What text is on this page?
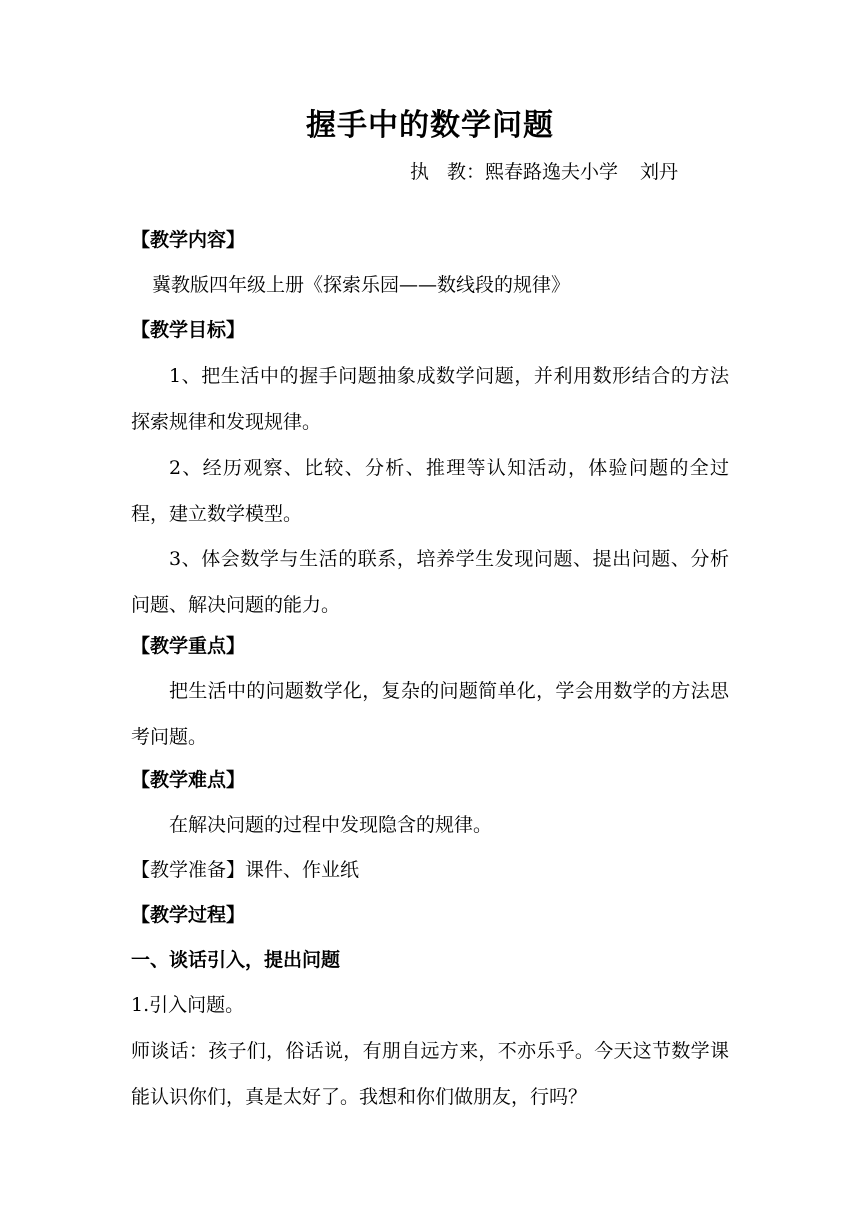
握手中的数学问题
执 教：熙春路逸夫小学 刘丹
【教学内容】
冀教版四年级上册《探索乐园——数线段的规律》
【教学目标】
1、把生活中的握手问题抽象成数学问题，并利用数形结合的方法探索规律和发现规律。
2、经历观察、比较、分析、推理等认知活动，体验问题的全过程，建立数学模型。
3、体会数学与生活的联系，培养学生发现问题、提出问题、分析问题、解决问题的能力。
【教学重点】
把生活中的问题数学化，复杂的问题简单化，学会用数学的方法思考问题。
【教学难点】
在解决问题的过程中发现隐含的规律。
【教学准备】课件、作业纸
【教学过程】
一、谈话引入，提出问题
1.引入问题。
师谈话：孩子们，俗话说，有朋自远方来，不亦乐乎。今天这节数学课能认识你们，真是太好了。我想和你们做朋友，行吗？
